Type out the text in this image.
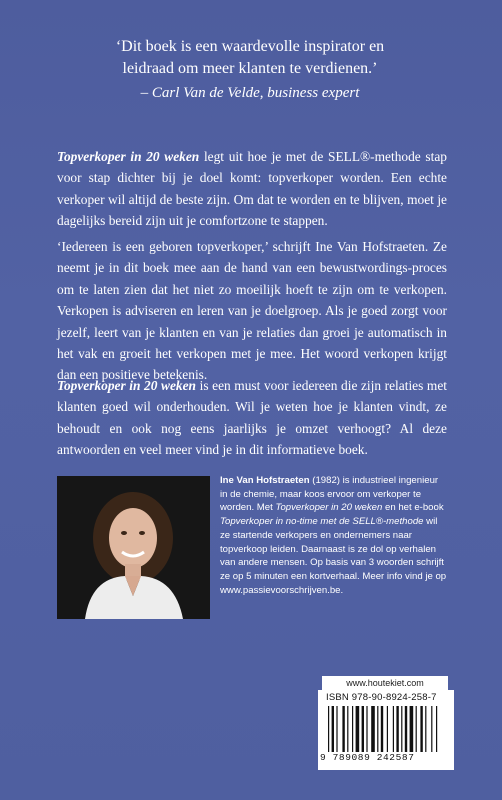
‘Dit boek is een waardevolle inspirator en
leidraad om meer klanten te verdienen.’
– Carl Van de Velde, business expert
Topverkoper in 20 weken legt uit hoe je met de SELL®-methode stap voor stap dichter bij je doel komt: topverkoper worden. Een echte verkoper wil altijd de beste zijn. Om dat te worden en te blijven, moet je dagelijks bereid zijn uit je comfortzone te stappen.
‘Iedereen is een geboren topverkoper,’ schrijft Ine Van Hofstraeten. Ze neemt je in dit boek mee aan de hand van een bewustwordings-proces om te laten zien dat het niet zo moeilijk hoeft te zijn om te verkopen. Verkopen is adviseren en leren van je doelgroep. Als je goed zorgt voor jezelf, leert van je klanten en van je relaties dan groei je automatisch in het vak en groeit het verkopen met je mee. Het woord verkopen krijgt dan een positieve betekenis.
Topverkoper in 20 weken is een must voor iedereen die zijn relaties met klanten goed wil onderhouden. Wil je weten hoe je klanten vindt, ze behoudt en ook nog eens jaarlijks je omzet verhoogt? Al deze antwoorden en veel meer vind je in dit informatieve boek.
Ine Van Hofstraeten (1982) is industrieel ingenieur in de chemie, maar koos ervoor om verkoper te worden. Met Topverkoper in 20 weken en het e-book Topverkoper in no-time met de SELL®-methode wil ze startende verkopers en ondernemers naar topverkoop leiden. Daarnaast is ze dol op verhalen van andere mensen. Op basis van 3 woorden schrijft ze op 5 minuten een kortverhaal. Meer info vind je op www.passievoorschrijven.be.
www.houtekiet.com
ISBN 978-90-8924-258-7
9 789089 242587
